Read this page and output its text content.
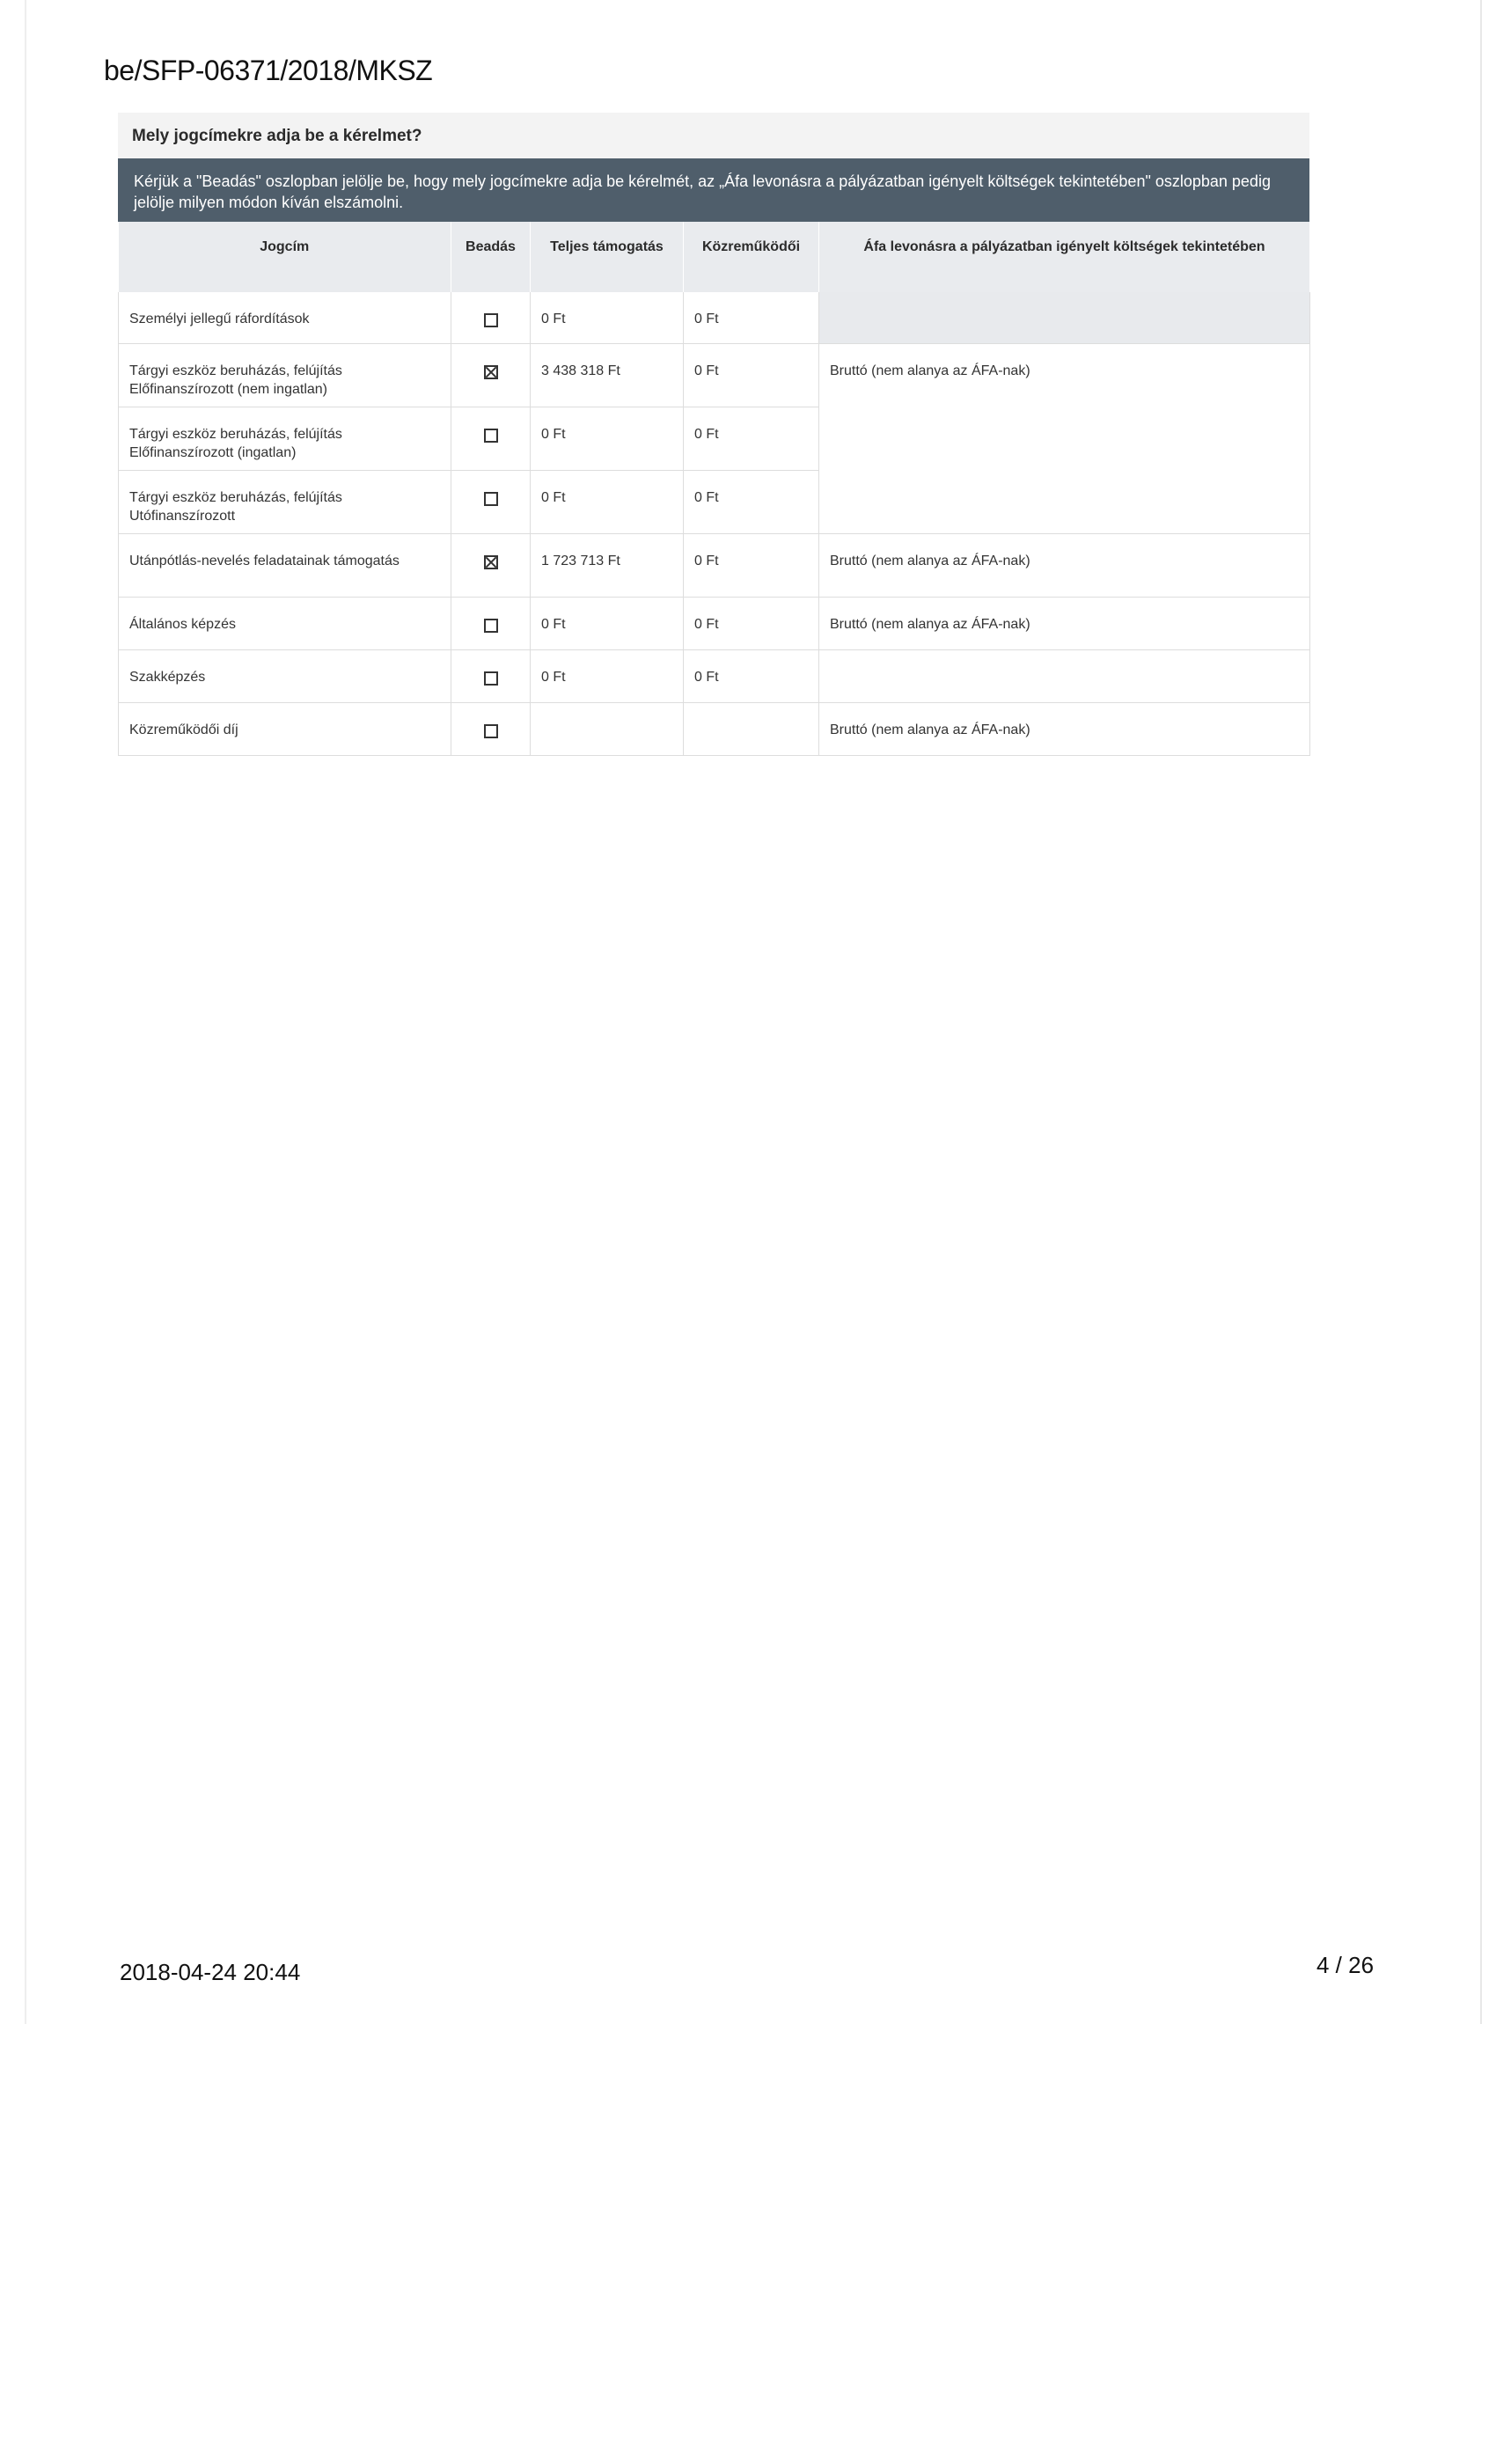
be/SFP-06371/2018/MKSZ
Mely jogcímekre adja be a kérelmet?
Kérjük a "Beadás" oszlopban jelölje be, hogy mely jogcímekre adja be kérelmét, az „Áfa levonásra a pályázatban igényelt költségek tekintetében" oszlopban pedig jelölje milyen módon kíván elszámolni.
Jogcím	Beadás	Teljes támogatás	Közreműködői	Áfa levonásra a pályázatban igényelt költségek tekintetében
Személyi jellegű ráfordítások		0 Ft	0 Ft	
Tárgyi eszköz beruházás, felújítás Előfinanszírozott (nem ingatlan)		3 438 318 Ft	0 Ft	Bruttó (nem alanya az ÁFA-nak)
Tárgyi eszköz beruházás, felújítás Előfinanszírozott (ingatlan)		0 Ft	0 Ft	
Tárgyi eszköz beruházás, felújítás Utófinanszírozott		0 Ft	0 Ft	
Utánpótlás-nevelés feladatainak támogatás		1 723 713 Ft	0 Ft	Bruttó (nem alanya az ÁFA-nak)
Általános képzés		0 Ft	0 Ft	Bruttó (nem alanya az ÁFA-nak)
Szakképzés		0 Ft	0 Ft	
Közreműködői díj				Bruttó (nem alanya az ÁFA-nak)
2018-04-24 20:44	4 / 26
